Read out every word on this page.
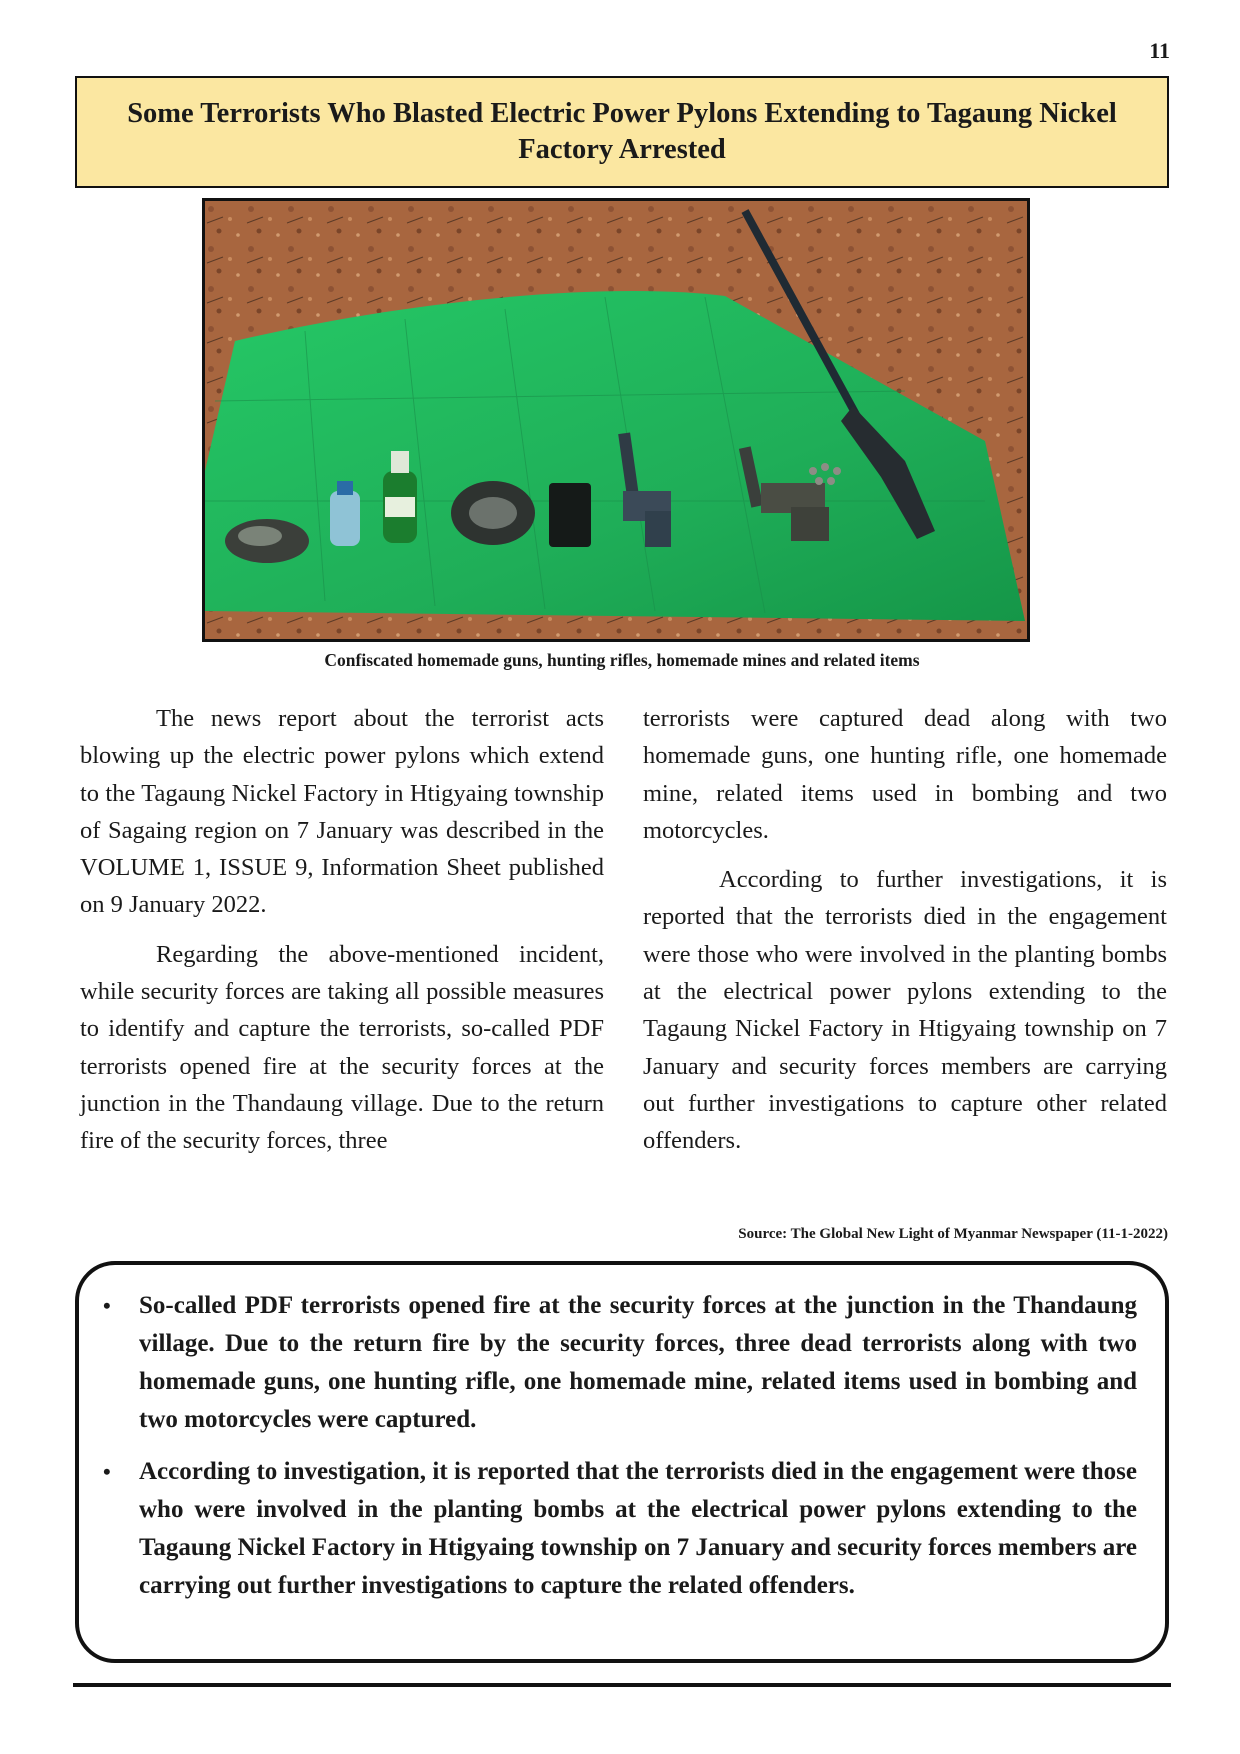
11
Some Terrorists Who Blasted Electric Power Pylons Extending to Tagaung Nickel Factory Arrested
Confiscated homemade guns, hunting rifles, homemade mines and related items

The news report about the terrorist acts blowing up the electric power pylons which extend to the Tagaung Nickel Factory in Htigyaing township of Sagaing region on 7 January was described in the VOLUME 1, ISSUE 9, Information Sheet published on 9 January 2022.

Regarding the above-mentioned incident, while security forces are taking all possible measures to identify and capture the terrorists, so-called PDF terrorists opened fire at the security forces at the junction in the Thandaung village. Due to the return fire of the security forces, three

terrorists were captured dead along with two homemade guns, one hunting rifle, one homemade mine, related items used in bombing and two motorcycles.

According to further investigations, it is reported that the terrorists died in the engagement were those who were involved in the planting bombs at the electrical power pylons extending to the Tagaung Nickel Factory in Htigyaing township on 7 January and security forces members are carrying out further investigations to capture other related offenders.

Source: The Global New Light of Myanmar Newspaper (11-1-2022)
• So-called PDF terrorists opened fire at the security forces at the junction in the Thandaung village. Due to the return fire by the security forces, three dead terrorists along with two homemade guns, one hunting rifle, one homemade mine, related items used in bombing and two motorcycles were captured.
• According to investigation, it is reported that the terrorists died in the engagement were those who were involved in the planting bombs at the electrical power pylons extending to the Tagaung Nickel Factory in Htigyaing township on 7 January and security forces members are carrying out further investigations to capture the related offenders.
